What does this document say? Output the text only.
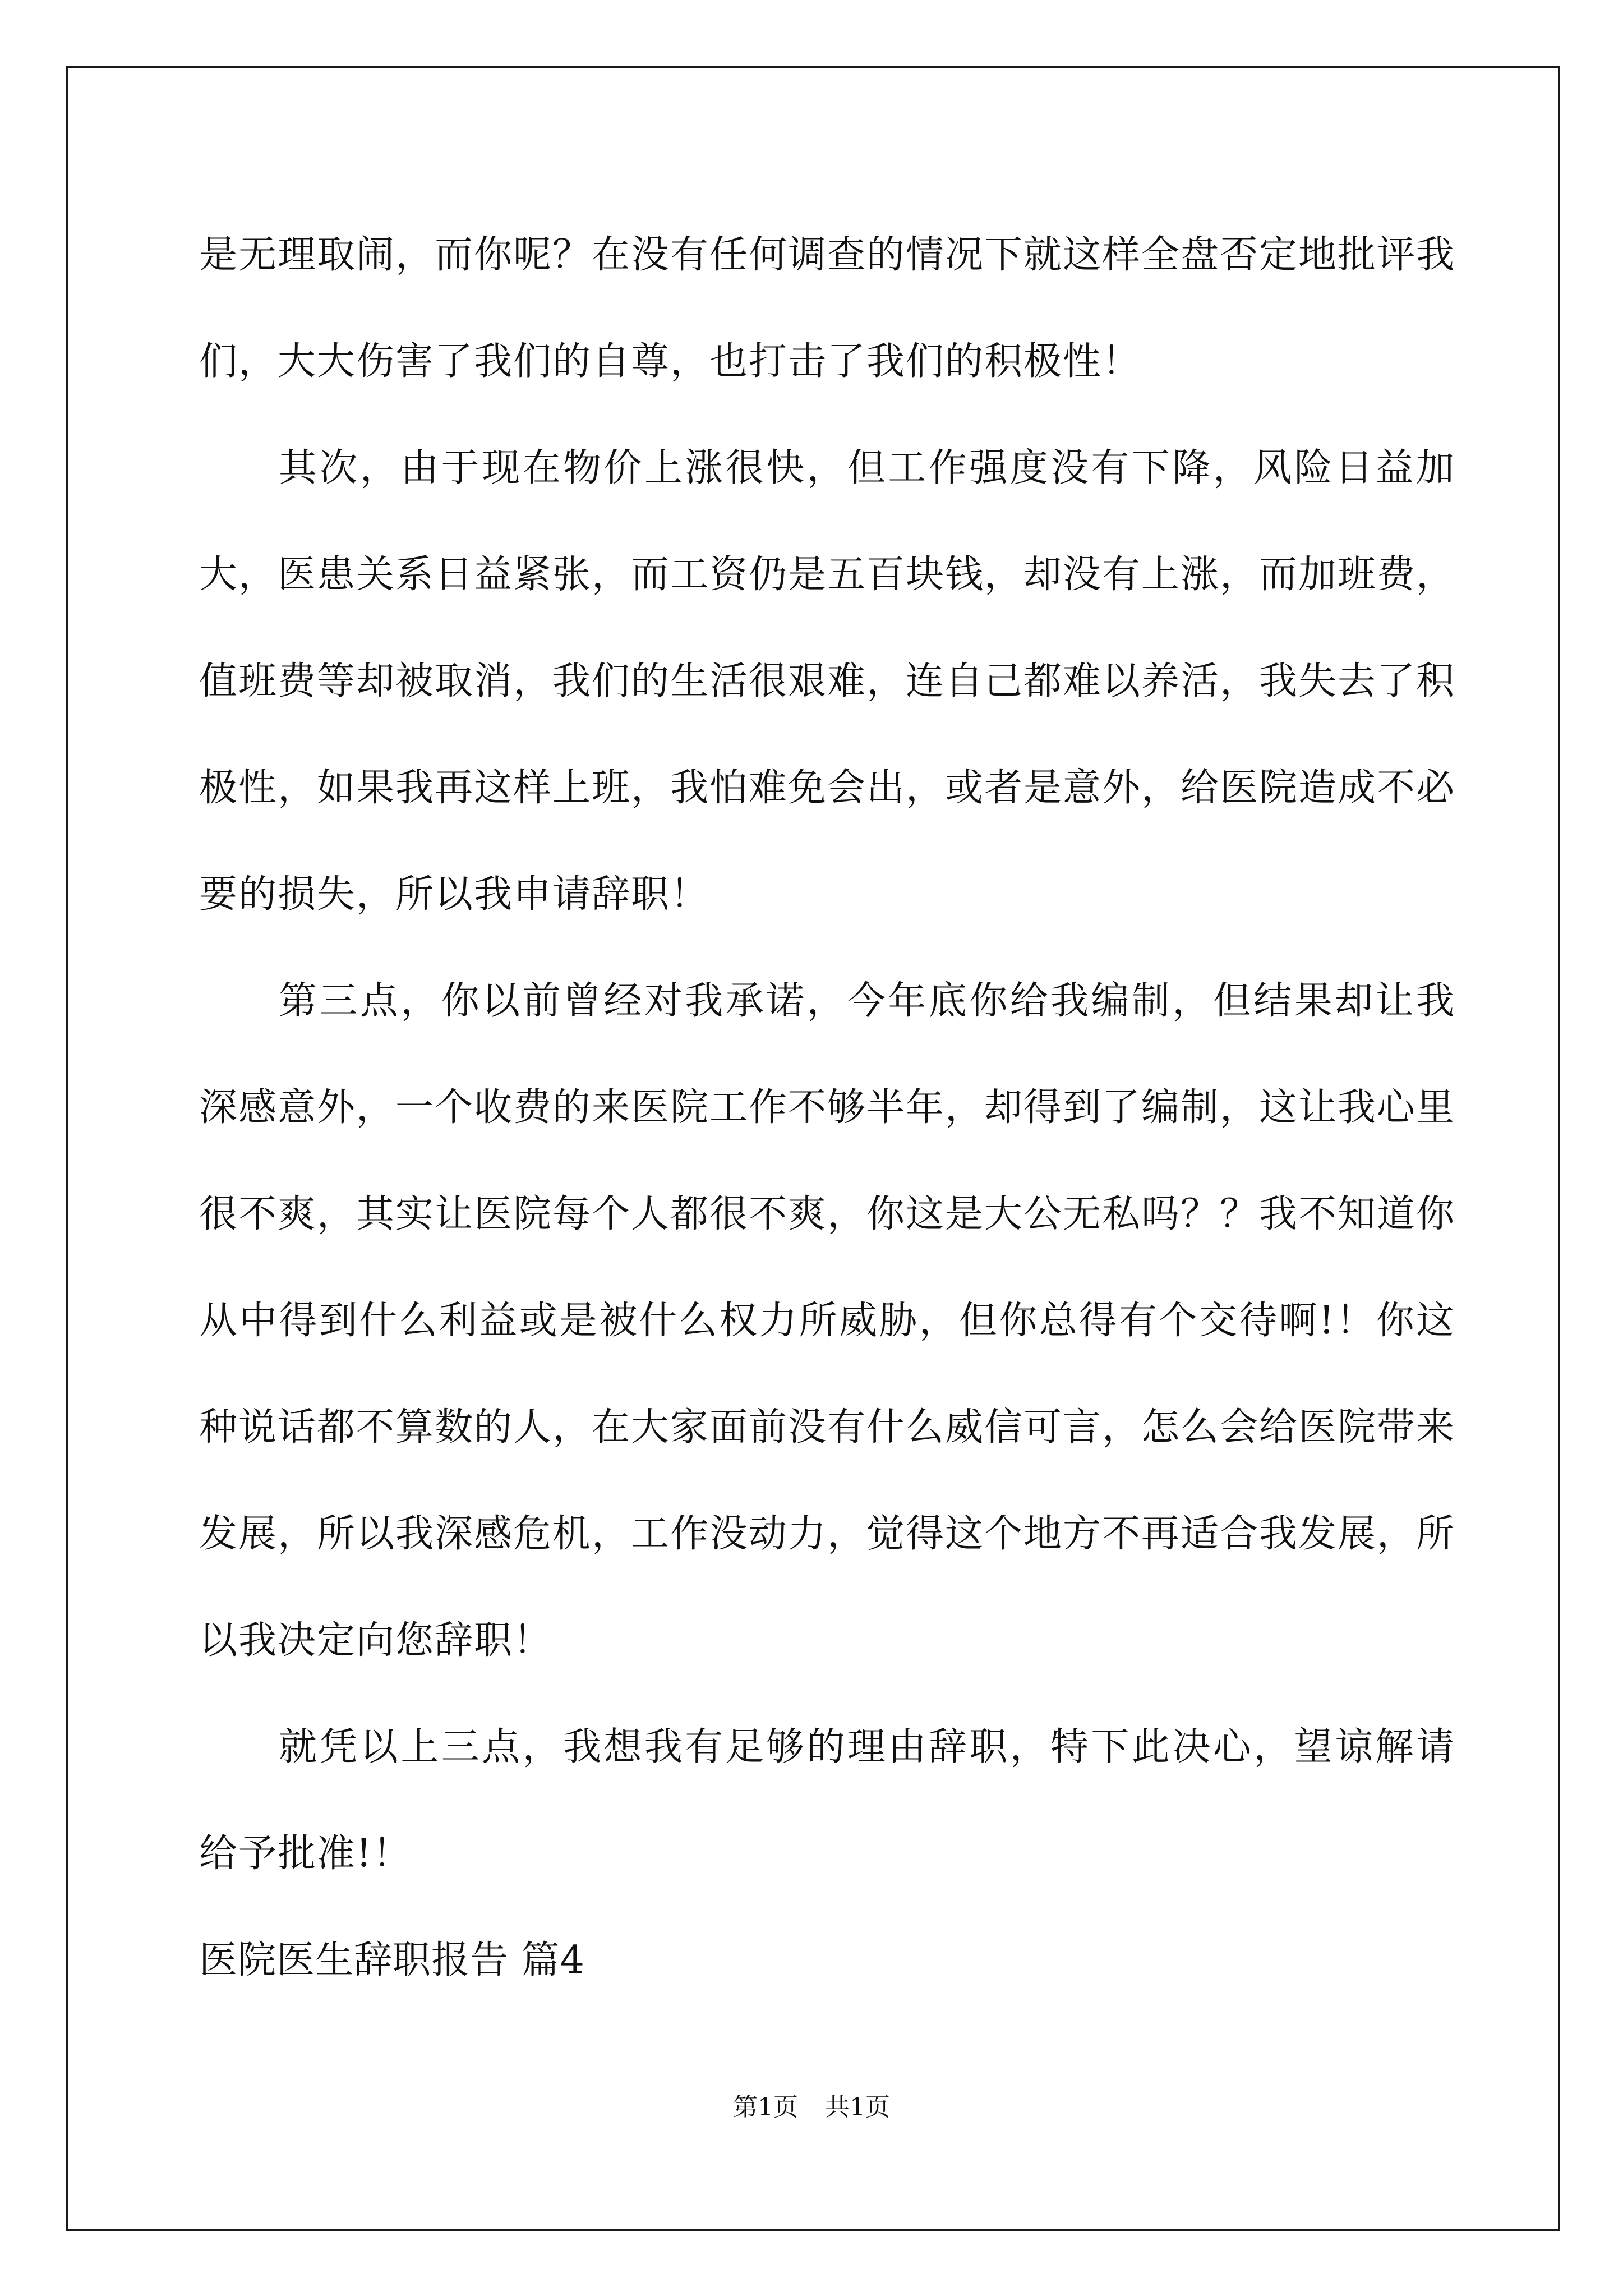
是无理取闹，而你呢？在没有任何调查的情况下就这样全盘否定地批评我们，大大伤害了我们的自尊，也打击了我们的积极性！

其次，由于现在物价上涨很快，但工作强度没有下降，风险日益加大，医患关系日益紧张，而工资仍是五百块钱，却没有上涨，而加班费，值班费等却被取消，我们的生活很艰难，连自己都难以养活，我失去了积极性，如果我再这样上班，我怕难免会出，或者是意外，给医院造成不必要的损失，所以我申请辞职！

第三点，你以前曾经对我承诺，今年底你给我编制，但结果却让我深感意外，一个收费的来医院工作不够半年，却得到了编制，这让我心里很不爽，其实让医院每个人都很不爽，你这是大公无私吗？？我不知道你从中得到什么利益或是被什么权力所威胁，但你总得有个交待啊!！你这种说话都不算数的人，在大家面前没有什么威信可言，怎么会给医院带来发展，所以我深感危机，工作没动力，觉得这个地方不再适合我发展，所以我决定向您辞职！

就凭以上三点，我想我有足够的理由辞职，特下此决心，望谅解请给予批准!！

医院医生辞职报告 篇4

第1页 共1页
